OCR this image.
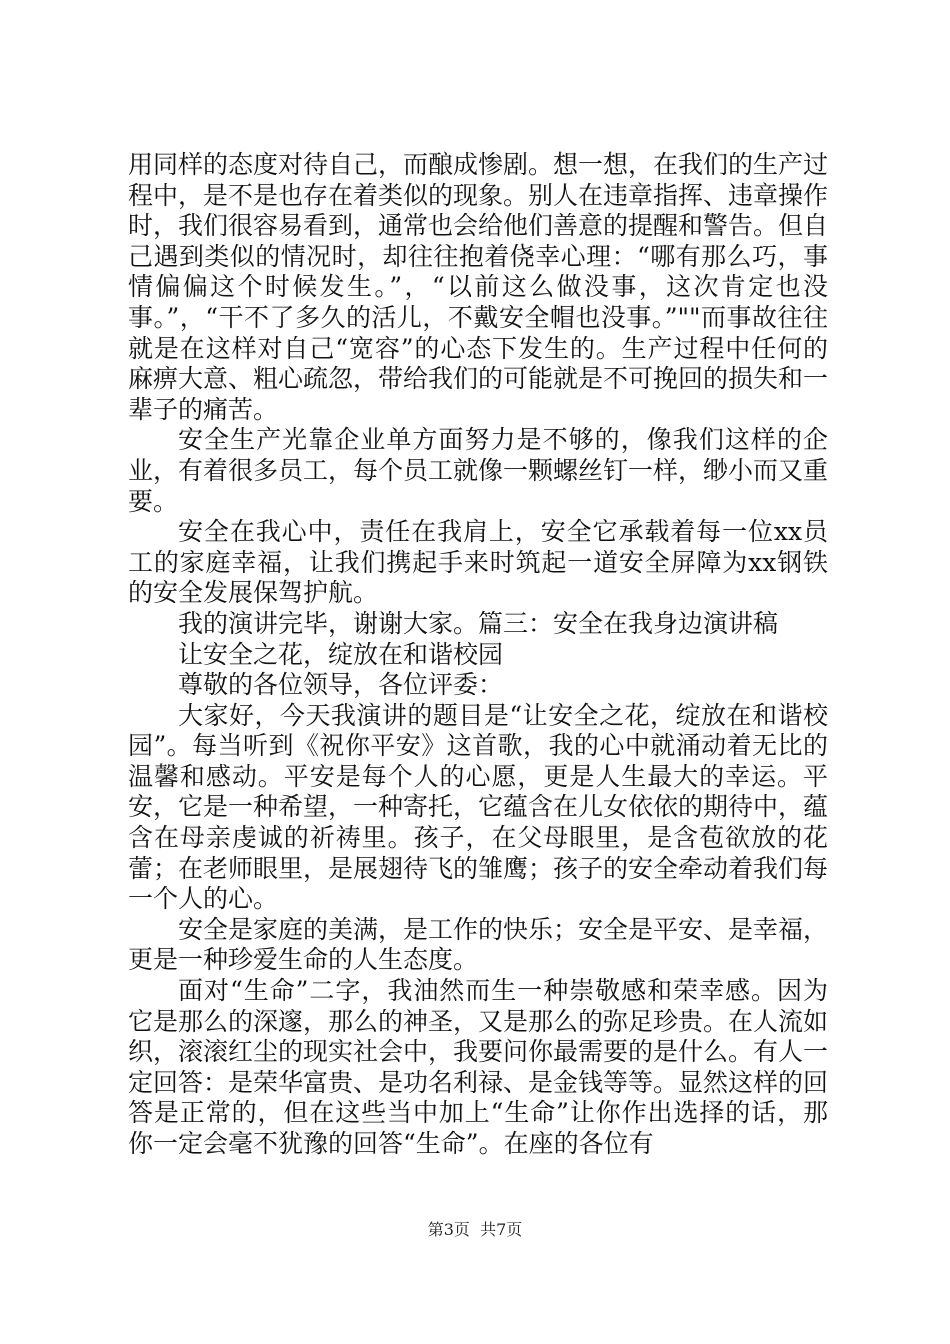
用同样的态度对待自己，而酿成惨剧。想一想，在我们的生产过程中，是不是也存在着类似的现象。别人在违章指挥、违章操作时，我们很容易看到，通常也会给他们善意的提醒和警告。但自己遇到类似的情况时，却往往抱着侥幸心理：“哪有那么巧，事情偏偏这个时候发生。”，“以前这么做没事，这次肯定也没事。”，“干不了多久的活儿，不戴安全帽也没事。”""而事故往往就是在这样对自己“宽容”的心态下发生的。生产过程中任何的麻痹大意、粗心疏忽，带给我们的可能就是不可挽回的损失和一辈子的痛苦。

安全生产光靠企业单方面努力是不够的，像我们这样的企业，有着很多员工，每个员工就像一颗螺丝钉一样，缈小而又重要。

安全在我心中，责任在我肩上，安全它承载着每一位xx员工的家庭幸福，让我们携起手来时筑起一道安全屏障为xx钢铁的安全发展保驾护航。

我的演讲完毕，谢谢大家。篇三：安全在我身边演讲稿

让安全之花，绽放在和谐校园

尊敬的各位领导，各位评委：

大家好，今天我演讲的题目是“让安全之花，绽放在和谐校园”。每当听到《祝你平安》这首歌，我的心中就涌动着无比的温馨和感动。平安是每个人的心愿，更是人生最大的幸运。平安，它是一种希望，一种寄托，它蕴含在儿女依依的期待中，蕴含在母亲虔诚的祈祷里。孩子，在父母眼里，是含苞欲放的花蕾；在老师眼里，是展翅待飞的雏鹰；孩子的安全牵动着我们每一个人的心。

安全是家庭的美满，是工作的快乐；安全是平安、是幸福，更是一种珍爱生命的人生态度。

面对“生命”二字，我油然而生一种崇敬感和荣幸感。因为它是那么的深邃，那么的神圣，又是那么的弥足珍贵。在人流如织，滚滚红尘的现实社会中，我要问你最需要的是什么。有人一定回答：是荣华富贵、是功名利禄、是金钱等等。显然这样的回答是正常的，但在这些当中加上“生命”让你作出选择的话，那你一定会毫不犹豫的回答“生命”。在座的各位有

第3页  共7页
